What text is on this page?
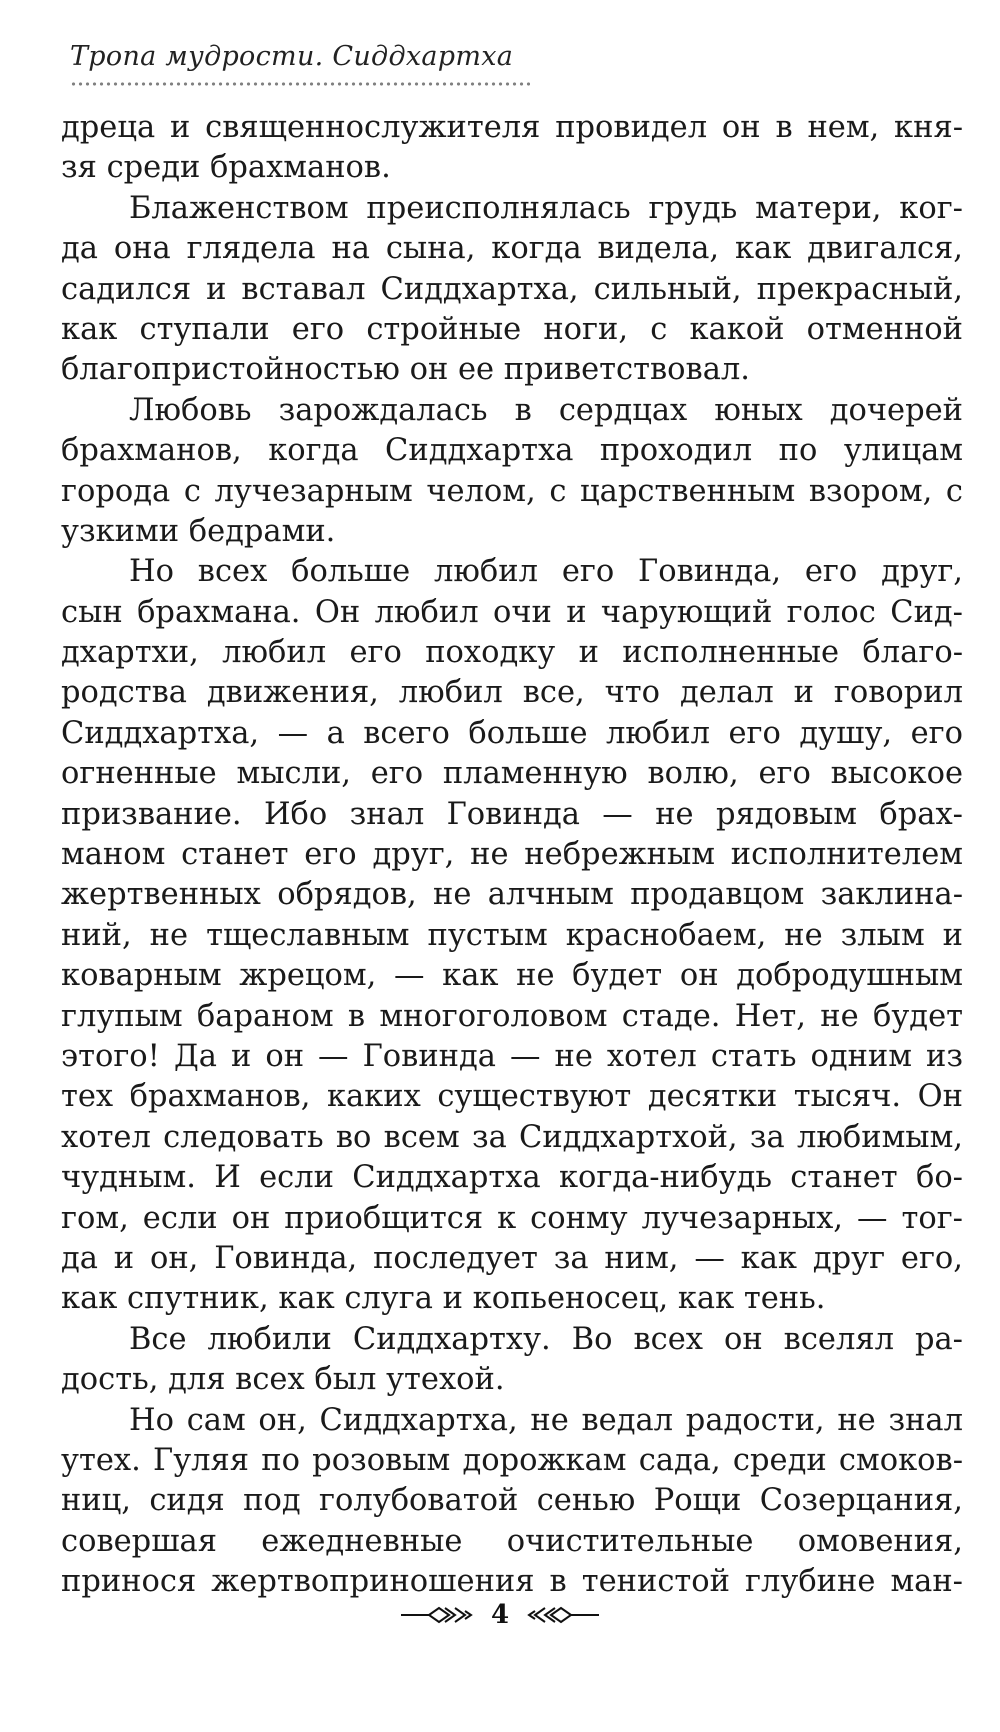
Тропа мудрости. Сиддхартха
дреца и священнослужителя провидел он в нем, кня-
зя среди брахманов.
Блаженством преисполнялась грудь матери, ког-
да она глядела на сына, когда видела, как двигался,
садился и вставал Сиддхартха, сильный, прекрасный,
как ступали его стройные ноги, с какой отменной
благопристойностью он ее приветствовал.
Любовь зарождалась в сердцах юных дочерей
брахманов, когда Сиддхартха проходил по улицам
города с лучезарным челом, с царственным взором, с
узкими бедрами.
Но всех больше любил его Говинда, его друг,
сын брахмана. Он любил очи и чарующий голос Сид-
дхартхи, любил его походку и исполненные благо-
родства движения, любил все, что делал и говорил
Сиддхартха, — а всего больше любил его душу, его
огненные мысли, его пламенную волю, его высокое
призвание. Ибо знал Говинда — не рядовым брах-
маном станет его друг, не небрежным исполнителем
жертвенных обрядов, не алчным продавцом заклина-
ний, не тщеславным пустым краснобаем, не злым и
коварным жрецом, — как не будет он добродушным
глупым бараном в многоголовом стаде. Нет, не будет
этого! Да и он — Говинда — не хотел стать одним из
тех брахманов, каких существуют десятки тысяч. Он
хотел следовать во всем за Сиддхартхой, за любимым,
чудным. И если Сиддхартха когда-нибудь станет бо-
гом, если он приобщится к сонму лучезарных, — тог-
да и он, Говинда, последует за ним, — как друг его,
как спутник, как слуга и копьеносец, как тень.
Все любили Сиддхартху. Во всех он вселял ра-
дость, для всех был утехой.
Но сам он, Сиддхартха, не ведал радости, не знал
утех. Гуляя по розовым дорожкам сада, среди смоков-
ниц, сидя под голубоватой сенью Рощи Созерцания,
совершая ежедневные очистительные омовения,
принося жертвоприношения в тенистой глубине ман-
4
